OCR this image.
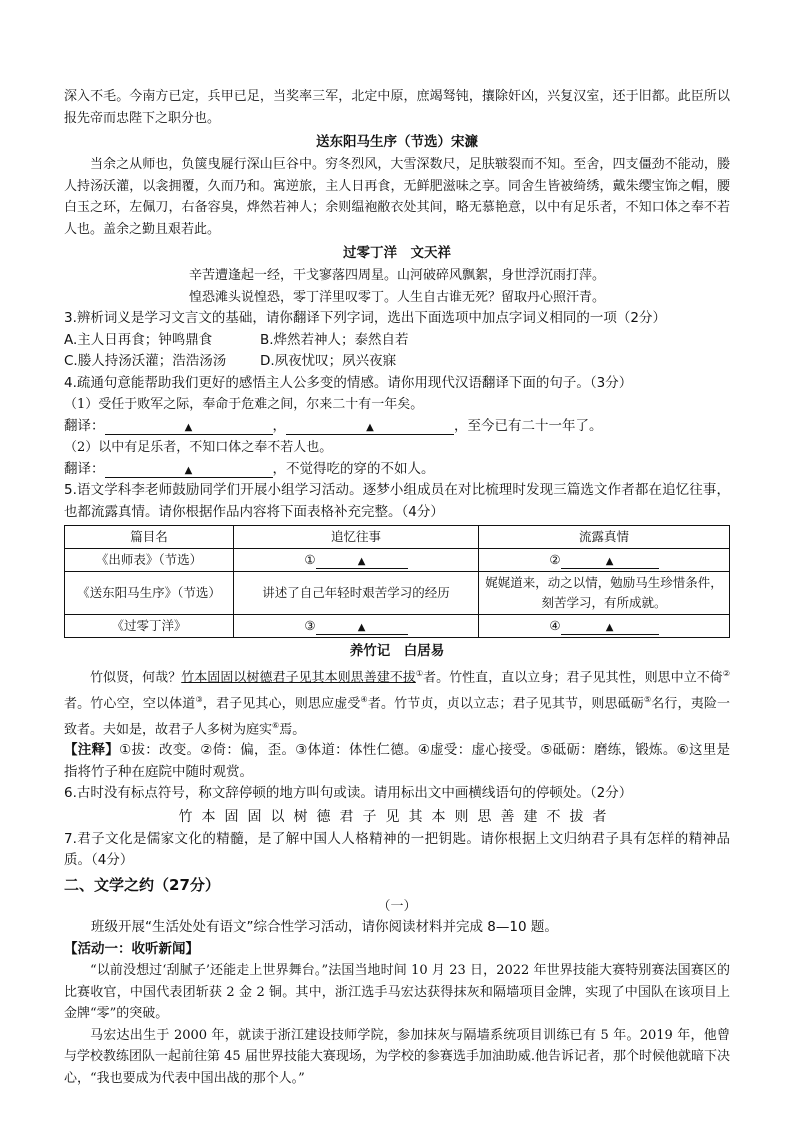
深入不毛。今南方已定，兵甲已足，当奖率三军，北定中原，庶竭驽钝，攘除奸凶，兴复汉室，还于旧都。此臣所以报先帝而忠陛下之职分也。

送东阳马生序（节选）宋濂

当余之从师也，负箧曳屣行深山巨谷中。穷冬烈风，大雪深数尺，足肤皲裂而不知。至舍，四支僵劲不能动，媵人持汤沃灌，以衾拥覆，久而乃和。寓逆旅，主人日再食，无鲜肥滋味之享。同舍生皆被绮绣，戴朱缨宝饰之帽，腰白玉之环，左佩刀，右备容臭，烨然若神人；余则缊袍敝衣处其间，略无慕艳意，以中有足乐者，不知口体之奉不若人也。盖余之勤且艰若此。

过零丁洋　文天祥

辛苦遭逢起一经，干戈寥落四周星。山河破碎风飘絮，身世浮沉雨打萍。

惶恐滩头说惶恐，零丁洋里叹零丁。人生自古谁无死？留取丹心照汗青。

3.辨析词义是学习文言文的基础，请你翻译下列字词，选出下面选项中加点字词义相同的一项（2分）

A.主人日再食；钟鸣鼎食	B.烨然若神人；泰然自若

C.媵人持汤沃灌；浩浩汤汤	D.夙夜忧叹；夙兴夜寐

4.疏通句意能帮助我们更好的感悟主人公多变的情感。请你用现代汉语翻译下面的句子。（3分）

（1）受任于败军之际，奉命于危难之间，尔来二十有一年矣。

翻译：	▲	，	▲	，至今已有二十一年了。

（2）以中有足乐者，不知口体之奉不若人也。

翻译：	▲	，不觉得吃的穿的不如人。

5.语文学科李老师鼓励同学们开展小组学习活动。逐梦小组成员在对比梳理时发现三篇选文作者都在追忆往事，也都流露真情。请你根据作品内容将下面表格补充完整。（4分）

篇目名	追忆往事	流露真情
《出师表》（节选）	① ▲	② ▲
《送东阳马生序》（节选）	讲述了自己年轻时艰苦学习的经历	娓娓道来，动之以情，勉励马生珍惜条件，刻苦学习，有所成就。
《过零丁洋》	③ ▲	④ ▲
养竹记　白居易

竹似贤，何哉？竹本固固以树德君子见其本则思善建不拔①者。竹性直，直以立身；君子见其性，则思中立不倚②者。竹心空，空以体道③，君子见其心，则思应虚受④者。竹节贞，贞以立志；君子见其节，则思砥砺⑤名行，夷险一致者。夫如是，故君子人多树为庭实⑥焉。

【注释】①拔：改变。②倚：偏，歪。③体道：体性仁德。④虚受：虚心接受。⑤砥砺：磨练，锻炼。⑥这里是指将竹子种在庭院中随时观赏。

6.古时没有标点符号，称文辞停顿的地方叫句或读。请用标出文中画横线语句的停顿处。（2分）

竹本固固以树德君子见其本则思善建不拔者

7.君子文化是儒家文化的精髓，是了解中国人人格精神的一把钥匙。请你根据上文归纳君子具有怎样的精神品质。（4分）

二、文学之约（27分）

（一）

班级开展“生活处处有语文”综合性学习活动，请你阅读材料并完成 8—10 题。

【活动一：收听新闻】

“以前没想过‘刮腻子’还能走上世界舞台。”法国当地时间 10 月 23 日，2022 年世界技能大赛特别赛法国赛区的比赛收官，中国代表团斩获 2 金 2 铜。其中，浙江选手马宏达获得抹灰和隔墙项目金牌，实现了中国队在该项目上金牌“零”的突破。

马宏达出生于 2000 年，就读于浙江建设技师学院，参加抹灰与隔墙系统项目训练已有 5 年。2019 年，他曾与学校教练团队一起前往第 45 届世界技能大赛现场，为学校的参赛选手加油助威.他告诉记者，那个时候他就暗下决心，“我也要成为代表中国出战的那个人。”
